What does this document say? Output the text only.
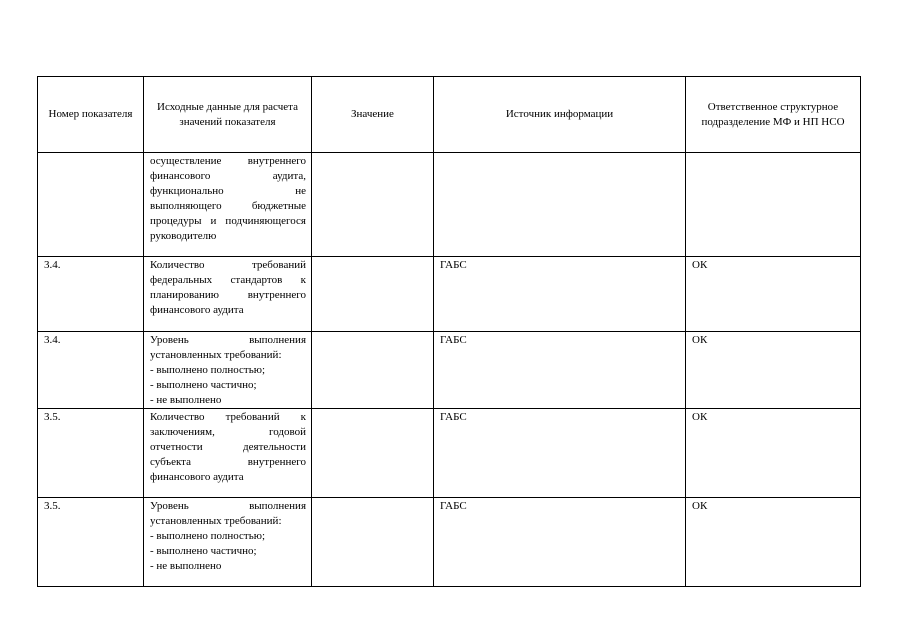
Номер показателя	Исходные данные для расчета значений показателя	Значение	Источник информации	Ответственное структурное подразделение МФ и НП НСО

	осуществление внутреннего финансового аудита, функционально не выполняющего бюджетные процедуры и подчиняющегося руководителю			

3.4.	Количество требований федеральных стандартов к планированию внутреннего финансового аудита		ГАБС	ОК

3.4.	Уровень выполнения установленных требований:
- выполнено полностью;
- выполнено частично;
- не выполнено		ГАБС	ОК

3.5.	Количество требований к заключениям, годовой отчетности деятельности субъекта внутреннего финансового аудита		ГАБС	ОК

3.5.	Уровень выполнения установленных требований:
- выполнено полностью;
- выполнено частично;
- не выполнено		ГАБС	ОК
